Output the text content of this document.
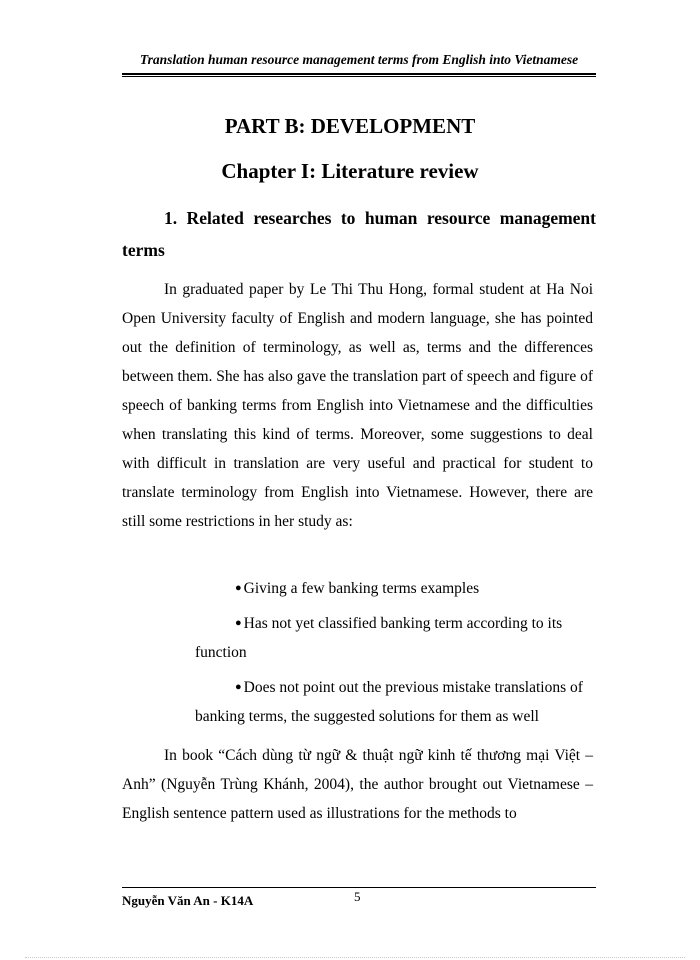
Translation human resource management terms from English into Vietnamese
PART B: DEVELOPMENT
Chapter I: Literature review
1. Related researches to human resource management terms
In graduated paper by Le Thi Thu Hong, formal student at Ha Noi Open University faculty of English and modern language, she has pointed out the definition of terminology, as well as, terms and the differences between them. She has also gave the translation part of speech and figure of speech of banking terms from English into Vietnamese and the difficulties when translating this kind of terms. Moreover, some suggestions to deal with difficult in translation are very useful and practical for student to translate terminology from English into Vietnamese. However, there are still some restrictions in her study as:
● Giving a few banking terms examples
● Has not yet classified banking term according to its function
● Does not point out the previous mistake translations of banking terms, the suggested solutions for them as well
In book “Cách dùng từ ngữ & thuật ngữ kinh tế thương mại Việt – Anh” (Nguyễn Trùng Khánh, 2004), the author brought out Vietnamese – English sentence pattern used as illustrations for the methods to
Nguyễn Văn An - K14A	5
